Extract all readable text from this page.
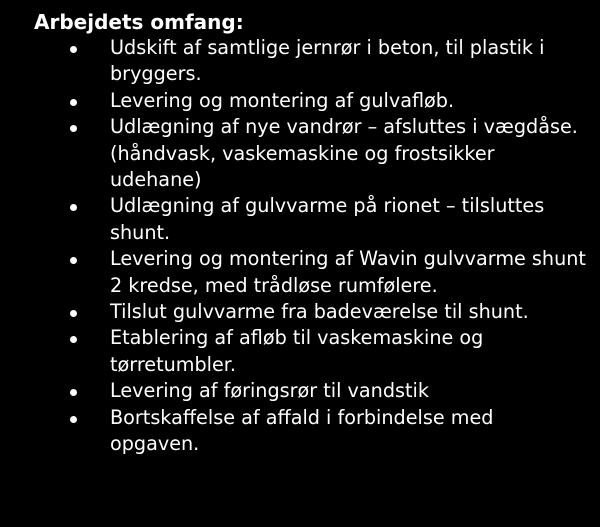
Arbejdets omfang:
Udskift af samtlige jernrør i beton, til plastik i bryggers.
Levering og montering af gulvafløb.
Udlægning af nye vandrør – afsluttes i vægdåse. (håndvask, vaskemaskine og frostsikker udehane)
Udlægning af gulvvarme på rionet – tilsluttes shunt.
Levering og montering af Wavin gulvvarme shunt 2 kredse, med trådløse rumfølere.
Tilslut gulvvarme fra badeværelse til shunt.
Etablering af afløb til vaskemaskine og tørretumbler.
Levering af føringsrør til vandstik
Bortskaffelse af affald i forbindelse med opgaven.
